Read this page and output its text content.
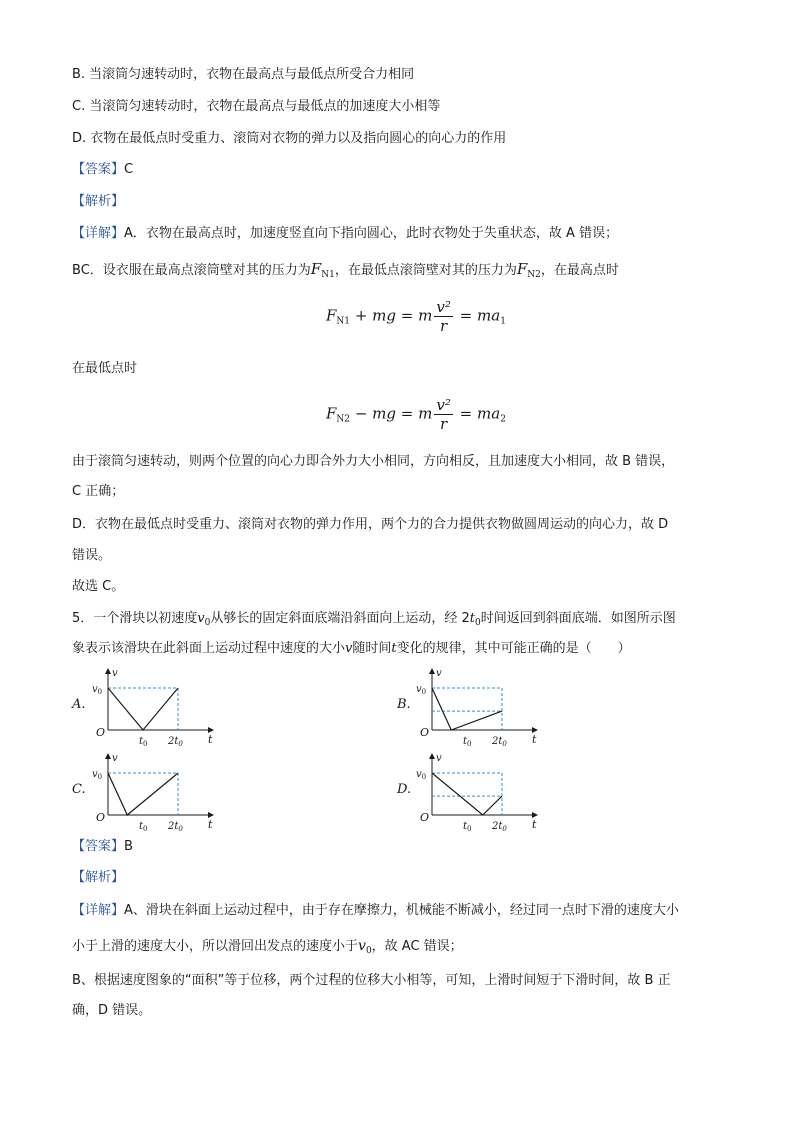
B. 当滚筒匀速转动时，衣物在最高点与最低点所受合力相同
C. 当滚筒匀速转动时，衣物在最高点与最低点的加速度大小相等
D. 衣物在最低点时受重力、滚筒对衣物的弹力以及指向圆心的向心力的作用
【答案】C
【解析】
【详解】A．衣物在最高点时，加速度竖直向下指向圆心，此时衣物处于失重状态，故 A 错误；
BC．设衣服在最高点滚筒壁对其的压力为$F_{N1}$，在最低点滚筒壁对其的压力为$F_{N2}$，在最高点时
$F_{N1}$ + mg = m $\frac{\text{v²}}{r} = ma_1$
在最低点时
$F_{N2}$ − mg = m $\frac{\text{v²}}{r} = ma_2$
由于滚筒匀速转动，则两个位置的向心力即合外力大小相同，方向相反，且加速度大小相同，故 B 错误，
C 正确；
D．衣物在最低点时受重力、滚筒对衣物的弹力作用，两个力的合力提供衣物做圆周运动的向心力，故 D
错误。
故选 C。
5．一个滑块以初速度$v_0$从够长的固定斜面底端沿斜面向上运动，经 $2t_0$时间返回到斜面底端．如图所示图
象表示该滑块在此斜面上运动过程中速度的大小v随时间t变化的规律，其中可能正确的是（　　）
A.
v
t
O
$v_0$
$t_0$ $2t_0$
B.
v
t
O
$v_0$
$t_0$ $2t_0$
C.
v
t
O
$v_0$
$t_0$ $2t_0$
D.
v
t
O
$v_0$
$t_0$ $2t_0$
【答案】B
【解析】
【详解】A、滑块在斜面上运动过程中，由于存在摩擦力，机械能不断减小，经过同一点时下滑的速度大小
小于上滑的速度大小，所以滑回出发点的速度小于$v_0$，故 AC 错误；
B、根据速度图象的“面积”等于位移，两个过程的位移大小相等，可知，上滑时间短于下滑时间，故 B 正
确，D 错误。
